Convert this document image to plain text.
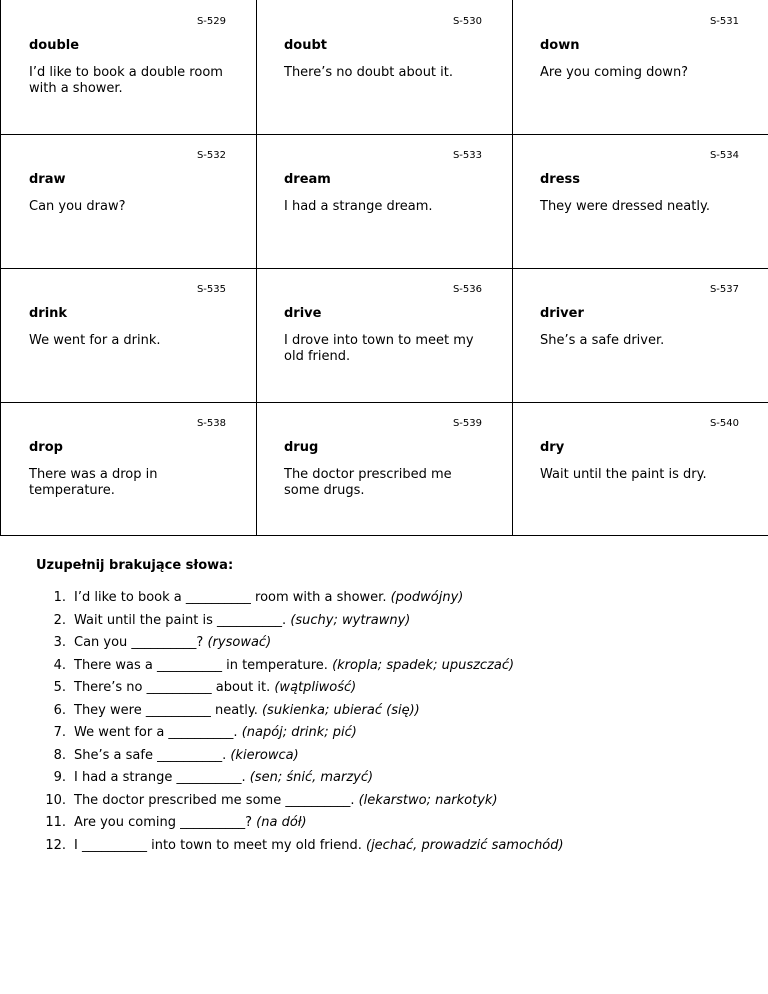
S-529
double
I’d like to book a double room with a shower.
S-530
doubt
There’s no doubt about it.
S-531
down
Are you coming down?
S-532
draw
Can you draw?
S-533
dream
I had a strange dream.
S-534
dress
They were dressed neatly.
S-535
drink
We went for a drink.
S-536
drive
I drove into town to meet my old friend.
S-537
driver
She’s a safe driver.
S-538
drop
There was a drop in temperature.
S-539
drug
The doctor prescribed me some drugs.
S-540
dry
Wait until the paint is dry.
Uzupełnij brakujące słowa:
1. I’d like to book a __________ room with a shower. (podwójny)
2. Wait until the paint is __________. (suchy; wytrawny)
3. Can you __________? (rysować)
4. There was a __________ in temperature. (kropla; spadek; upuszczać)
5. There’s no __________ about it. (wątpliwość)
6. They were __________ neatly. (sukienka; ubierać (się))
7. We went for a __________. (napój; drink; pić)
8. She’s a safe __________. (kierowca)
9. I had a strange __________. (sen; śnić, marzyć)
10. The doctor prescribed me some __________. (lekarstwo; narkotyk)
11. Are you coming __________? (na dół)
12. I __________ into town to meet my old friend. (jechać, prowadzić samochód)
